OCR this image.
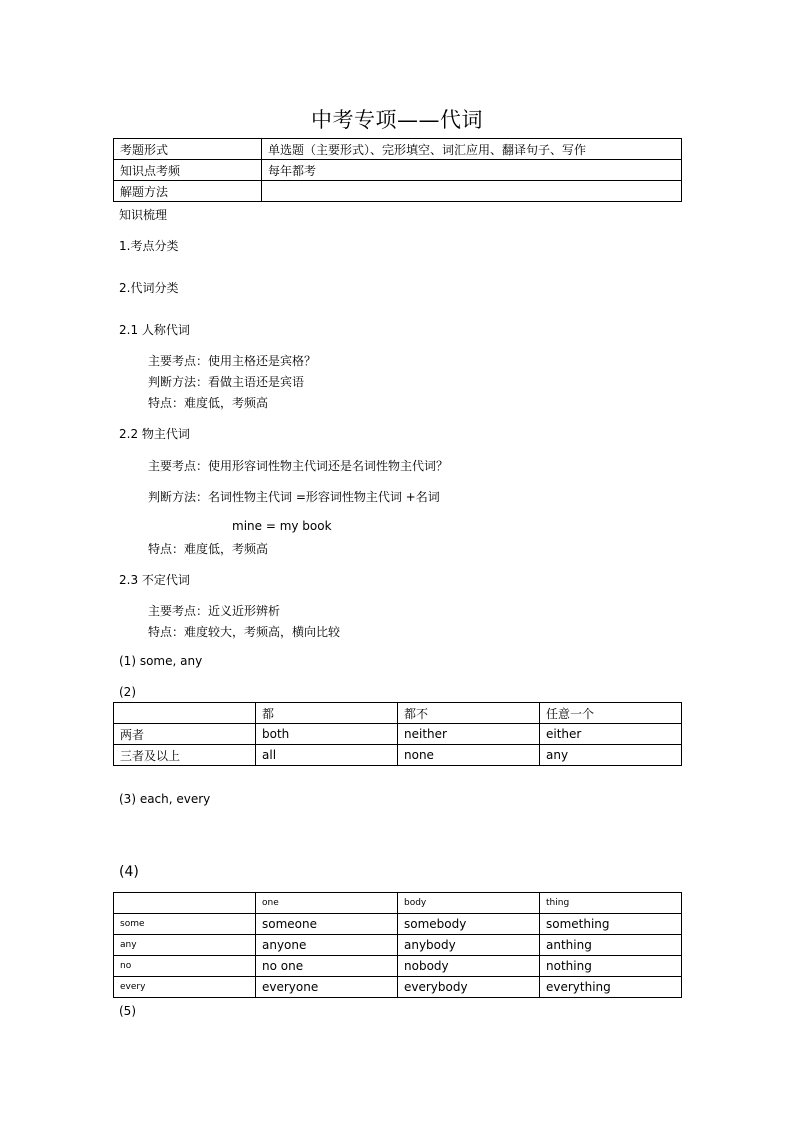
中考专项——代词
考题形式	单选题（主要形式）、完形填空、词汇应用、翻译句子、写作
知识点考频	每年都考
解题方法	
知识梳理
1.考点分类
2.代词分类
2.1 人称代词
主要考点：使用主格还是宾格？
判断方法：看做主语还是宾语
特点：难度低，考频高
2.2 物主代词
主要考点：使用形容词性物主代词还是名词性物主代词？
判断方法：名词性物主代词 =形容词性物主代词 +名词
mine = my book
特点：难度低，考频高
2.3 不定代词
主要考点：近义近形辨析
特点：难度较大，考频高，横向比较
(1) some, any
(2)
	都	都不	任意一个
两者	both	neither	either
三者及以上	all	none	any
(3) each, every
(4)
	one	body	thing
some	someone	somebody	something
any	anyone	anybody	anthing
no	no one	nobody	nothing
every	everyone	everybody	everything
(5)
